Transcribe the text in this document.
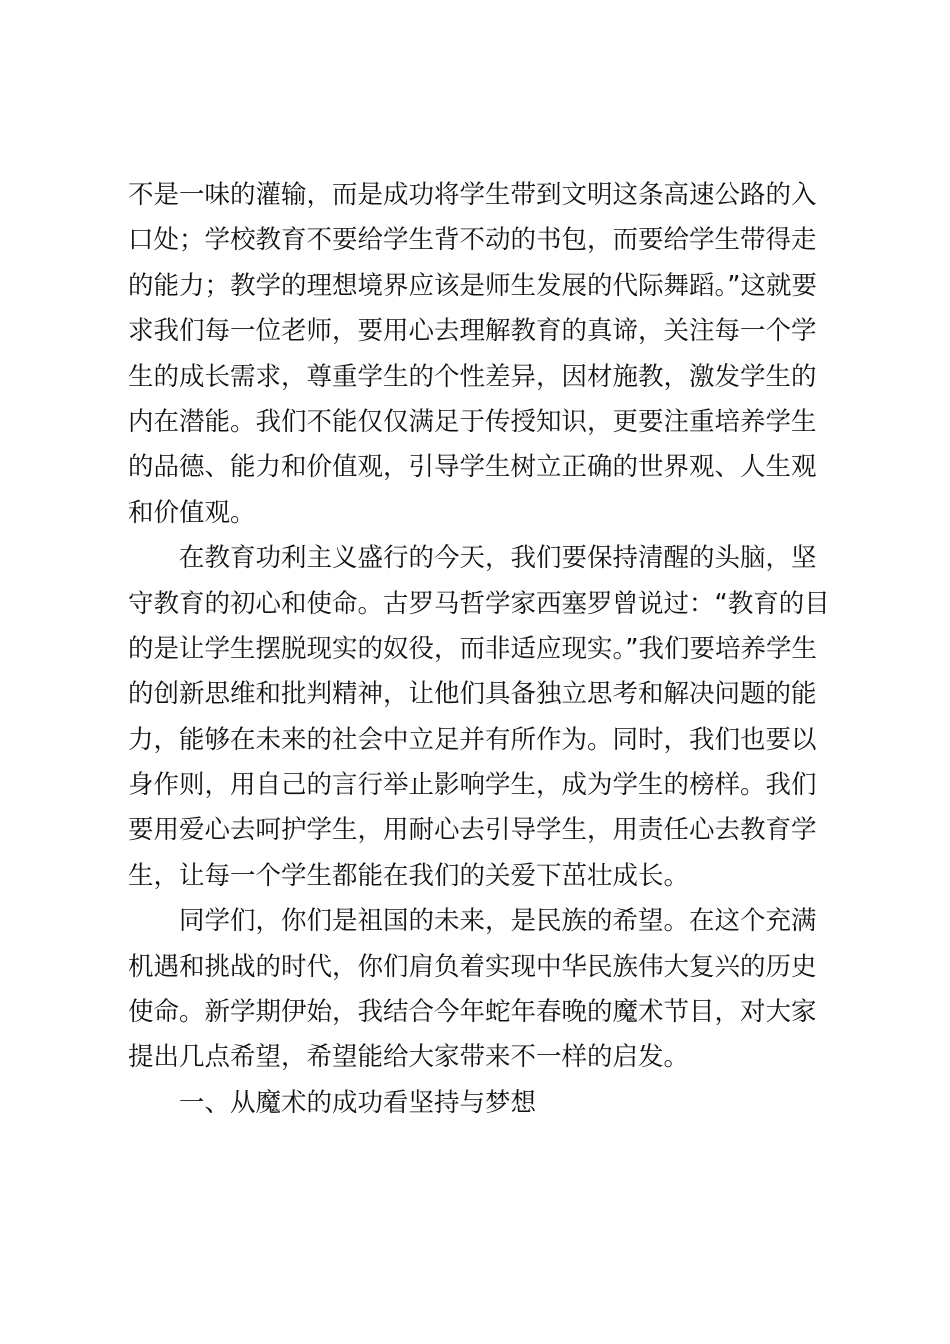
不是一味的灌输，而是成功将学生带到文明这条高速公路的入
口处；学校教育不要给学生背不动的书包，而要给学生带得走
的能力；教学的理想境界应该是师生发展的代际舞蹈。”这就要
求我们每一位老师，要用心去理解教育的真谛，关注每一个学
生的成长需求，尊重学生的个性差异，因材施教，激发学生的
内在潜能。我们不能仅仅满足于传授知识，更要注重培养学生
的品德、能力和价值观，引导学生树立正确的世界观、人生观
和价值观。
　　在教育功利主义盛行的今天，我们要保持清醒的头脑，坚
守教育的初心和使命。古罗马哲学家西塞罗曾说过：“教育的目
的是让学生摆脱现实的奴役，而非适应现实。”我们要培养学生
的创新思维和批判精神，让他们具备独立思考和解决问题的能
力，能够在未来的社会中立足并有所作为。同时，我们也要以
身作则，用自己的言行举止影响学生，成为学生的榜样。我们
要用爱心去呵护学生，用耐心去引导学生，用责任心去教育学
生，让每一个学生都能在我们的关爱下茁壮成长。
　　同学们，你们是祖国的未来，是民族的希望。在这个充满
机遇和挑战的时代，你们肩负着实现中华民族伟大复兴的历史
使命。新学期伊始，我结合今年蛇年春晚的魔术节目，对大家
提出几点希望，希望能给大家带来不一样的启发。
　　一、从魔术的成功看坚持与梦想
